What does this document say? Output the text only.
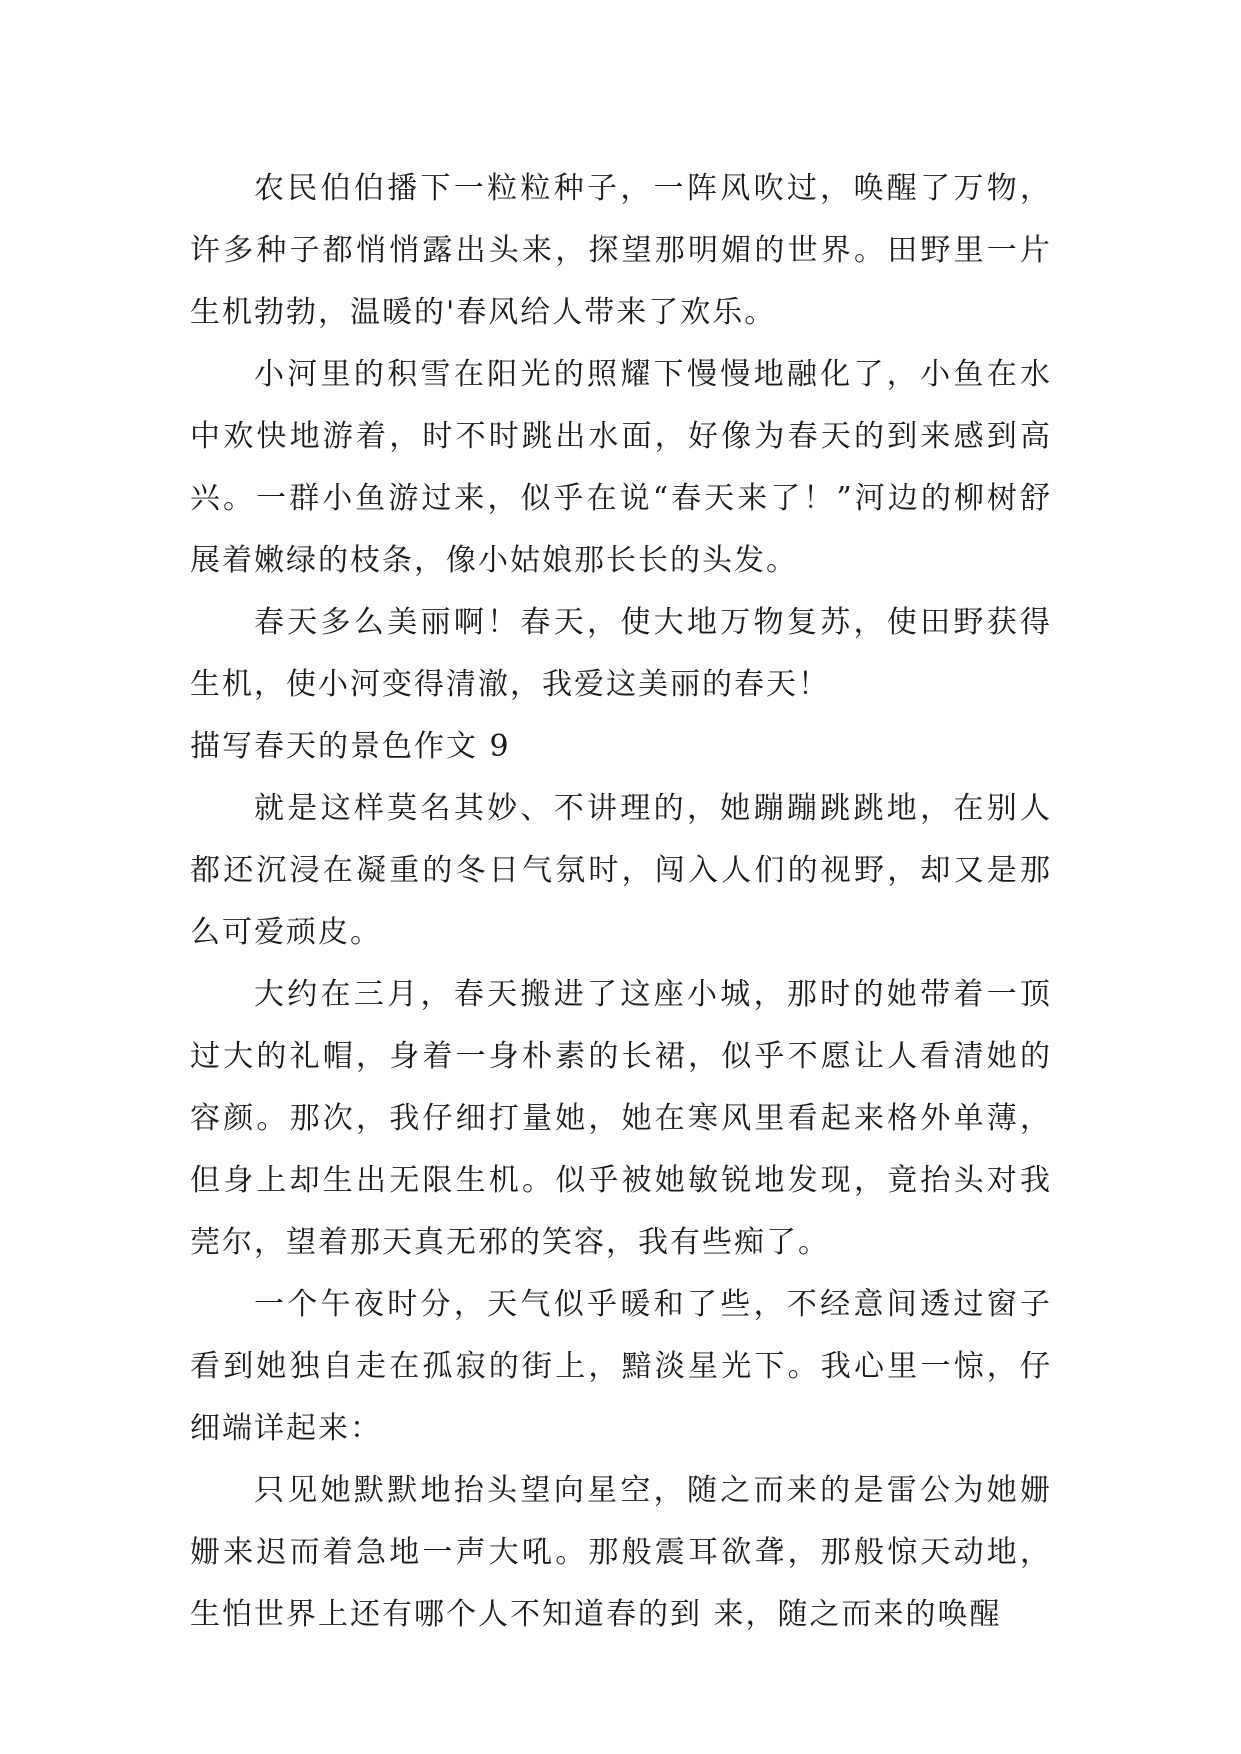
农民伯伯播下一粒粒种子，一阵风吹过，唤醒了万物，许多种子都悄悄露出头来，探望那明媚的世界。田野里一片生机勃勃，温暖的'春风给人带来了欢乐。

小河里的积雪在阳光的照耀下慢慢地融化了，小鱼在水中欢快地游着，时不时跳出水面，好像为春天的到来感到高兴。一群小鱼游过来，似乎在说“春天来了！”河边的柳树舒展着嫩绿的枝条，像小姑娘那长长的头发。

春天多么美丽啊！春天，使大地万物复苏，使田野获得生机，使小河变得清澈，我爱这美丽的春天！

描写春天的景色作文 9

就是这样莫名其妙、不讲理的，她蹦蹦跳跳地，在别人都还沉浸在凝重的冬日气氛时，闯入人们的视野，却又是那么可爱顽皮。

大约在三月，春天搬进了这座小城，那时的她带着一顶过大的礼帽，身着一身朴素的长裙，似乎不愿让人看清她的容颜。那次，我仔细打量她，她在寒风里看起来格外单薄，但身上却生出无限生机。似乎被她敏锐地发现，竟抬头对我莞尔，望着那天真无邪的笑容，我有些痴了。

一个午夜时分，天气似乎暖和了些，不经意间透过窗子看到她独自走在孤寂的街上，黯淡星光下。我心里一惊，仔细端详起来：

只见她默默地抬头望向星空，随之而来的是雷公为她姗姗来迟而着急地一声大吼。那般震耳欲聋，那般惊天动地，生怕世界上还有哪个人不知道春的到 来，随之而来的唤醒
